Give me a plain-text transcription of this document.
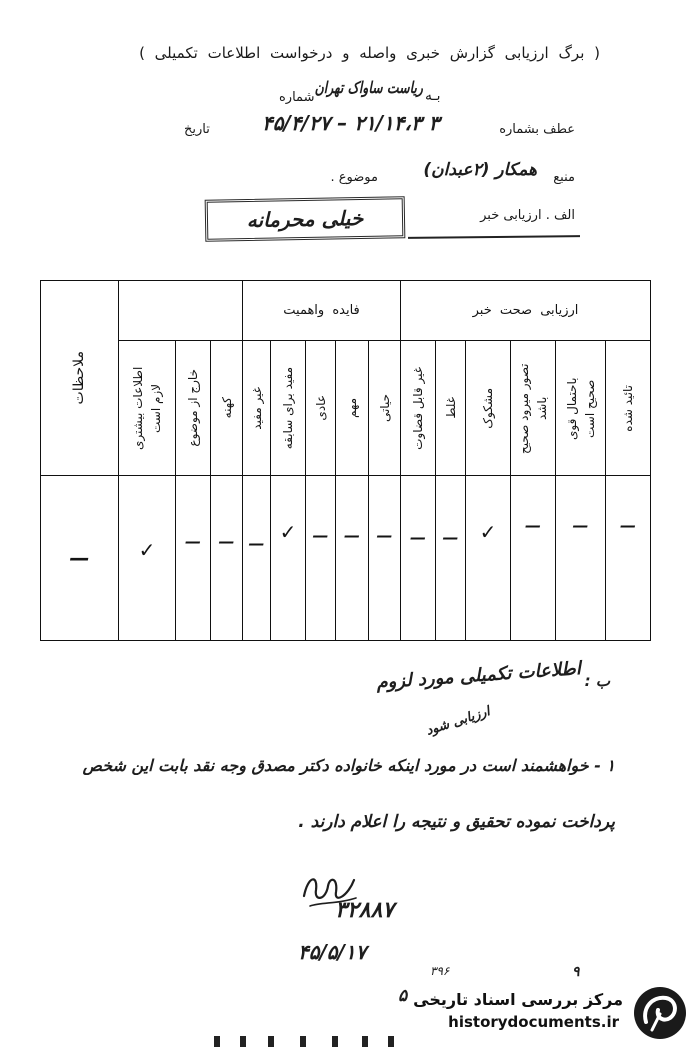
( برگ ارزیابی گزارش خبری واصله و درخواست اطلاعات تکمیلی )
بـه
ریاست ساواک تهران
شماره
عطف بشماره
۴۵/۴/۲۷ – ۲۱/۱۴،۳ ۳
تاریخ
منبع
همکار (۲عبدان)
موضوع .
الف . ارزیابی خبر
خیلی محرمانه
ارزیابی صحت خبر
فایده واهمیت
ملاحظات
تائید شده
باحتمال قوی صحیح است
تصور میرود صحیح باشد
مشکوک
غلط
غیر قابل قضاوت
حیاتی
مهم
عادی
مفید برای سابقه
غیر مفید
کهنه
خارج از موضوع
اطلاعات بیشتری لازم است
—
—
—
✓
—
—
—
—
—
✓
—
—
—
✓
—
ب :
اطلاعات تکمیلی مورد لزوم
ارزیابی شود
۱ - خواهشمند است در مورد اینکه خانواده دکتر مصدق وجه نقد بابت این شخص
پرداخت نموده تحقیق و نتیجه را اعلام دارند .
۳۲۸۸۷
۴۵/۵/۱۷
۳۹۶
۵
۹
مرکز بررسی اسناد تاریخی
historydocuments.ir
